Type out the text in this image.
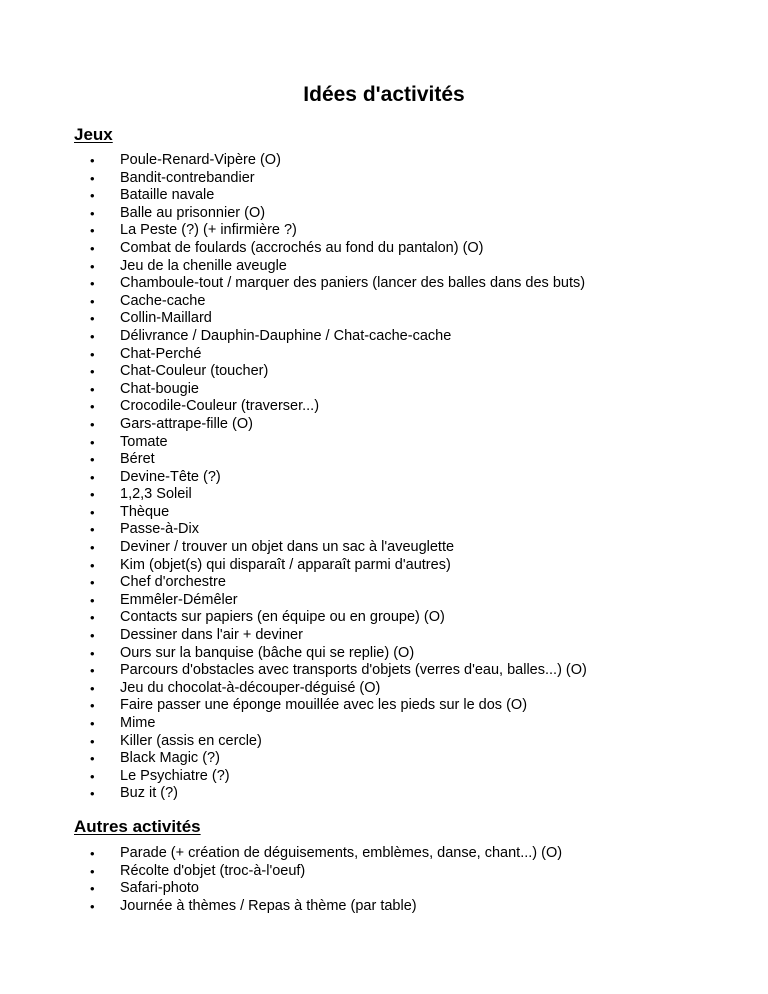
Idées d'activités
Jeux
• Poule-Renard-Vipère (O)
• Bandit-contrebandier
• Bataille navale
• Balle au prisonnier (O)
• La Peste (?) (+ infirmière ?)
• Combat de foulards (accrochés au fond du pantalon) (O)
• Jeu de la chenille aveugle
• Chamboule-tout / marquer des paniers (lancer des balles dans des buts)
• Cache-cache
• Collin-Maillard
• Délivrance / Dauphin-Dauphine / Chat-cache-cache
• Chat-Perché
• Chat-Couleur (toucher)
• Chat-bougie
• Crocodile-Couleur (traverser...)
• Gars-attrape-fille (O)
• Tomate
• Béret
• Devine-Tête (?)
• 1,2,3 Soleil
• Thèque
• Passe-à-Dix
• Deviner / trouver un objet dans un sac à l'aveuglette
• Kim (objet(s) qui disparaît / apparaît parmi d'autres)
• Chef d'orchestre
• Emmêler-Démêler
• Contacts sur papiers (en équipe ou en groupe) (O)
• Dessiner dans l'air + deviner
• Ours sur la banquise (bâche qui se replie) (O)
• Parcours d'obstacles avec transports d'objets (verres d'eau, balles...) (O)
• Jeu du chocolat-à-découper-déguisé (O)
• Faire passer une éponge mouillée avec les pieds sur le dos (O)
• Mime
• Killer (assis en cercle)
• Black Magic (?)
• Le Psychiatre (?)
• Buz it (?)
Autres activités
• Parade (+ création de déguisements, emblèmes, danse, chant...) (O)
• Récolte d'objet (troc-à-l'oeuf)
• Safari-photo
• Journée à thèmes / Repas à thème (par table)
